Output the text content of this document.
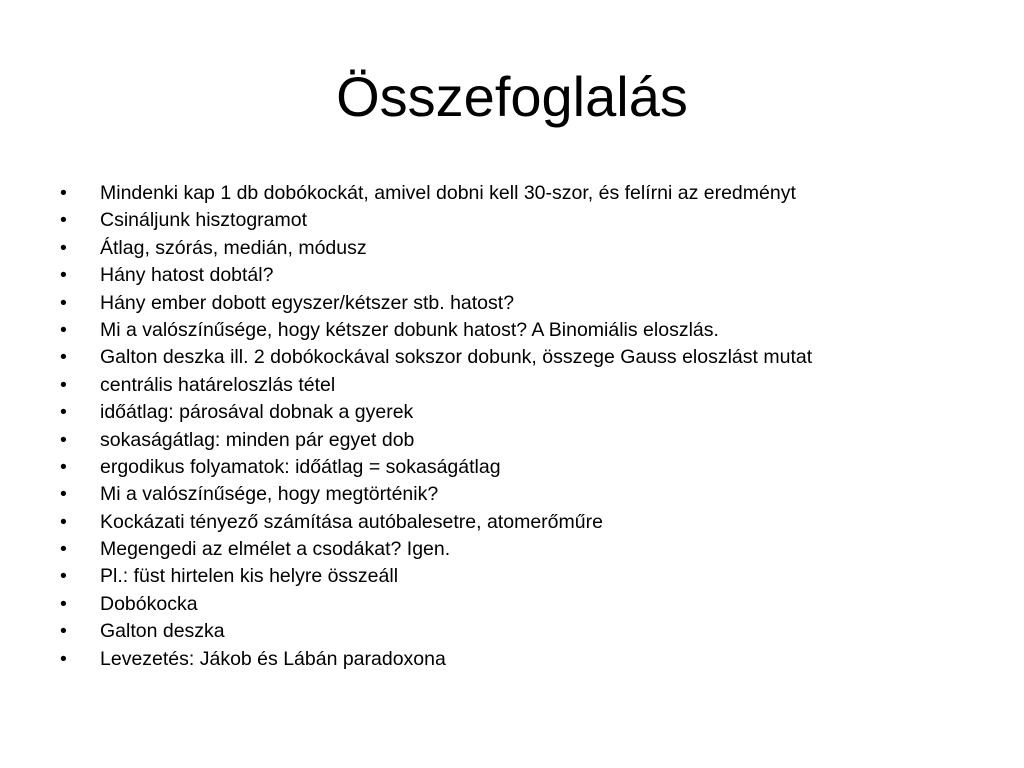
Összefoglalás
•	Mindenki kap 1 db dobókockát, amivel dobni kell 30-szor, és felírni az eredményt
•	Csináljunk hisztogramot
•	Átlag, szórás, medián, módusz
•	Hány hatost dobtál?
•	Hány ember dobott egyszer/kétszer stb. hatost?
•	Mi a valószínűsége, hogy kétszer dobunk hatost? A Binomiális eloszlás.
•	Galton deszka ill. 2 dobókockával sokszor dobunk, összege Gauss eloszlást mutat
•	centrális határeloszlás tétel
•	időátlag: párosával dobnak a gyerek
•	sokaságátlag: minden pár egyet dob
•	ergodikus folyamatok: időátlag = sokaságátlag
•	Mi a valószínűsége, hogy megtörténik?
•	Kockázati tényező számítása autóbalesetre, atomerőműre
•	Megengedi az elmélet a csodákat? Igen.
•	Pl.: füst hirtelen kis helyre összeáll
•	Dobókocka
•	Galton deszka
•	Levezetés: Jákob és Lábán paradoxona
